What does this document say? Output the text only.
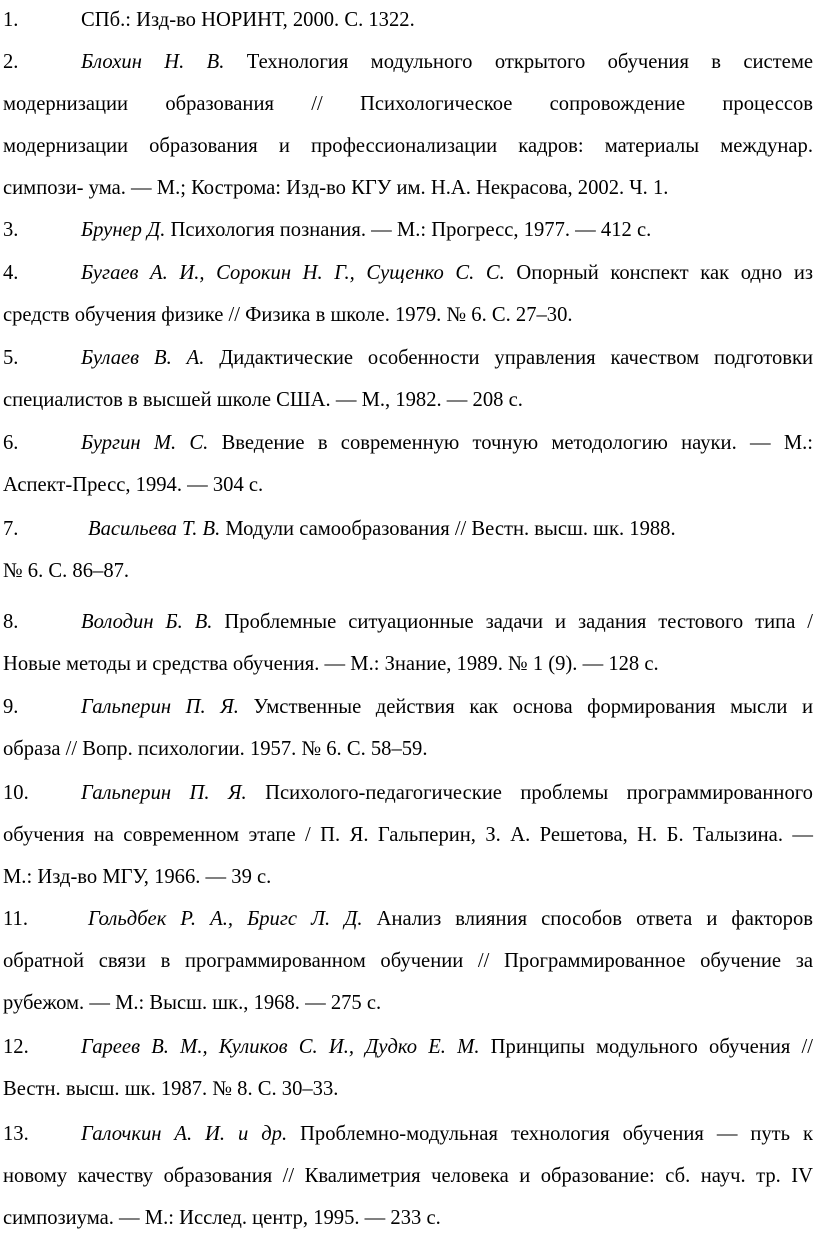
1.	СПб.: Изд-во НОРИНТ, 2000. С. 1322.
2.	Блохин Н. В. Технология модульного открытого обучения в системе
модернизации образования // Психологическое сопровождение процессов
модернизации образования и профессионализации кадров: материалы междунар.
симпози- ума. — М.; Кострома: Изд-во КГУ им. Н.А. Некрасова, 2002. Ч. 1.
3.	Брунер Д. Психология познания. — М.: Прогресс, 1977. — 412 с.
4.	Бугаев А. И., Сорокин Н. Г., Сущенко С. С. Опорный конспект как одно из
средств обучения физике // Физика в школе. 1979. № 6. С. 27–30.
5.	Булаев В. А. Дидактические особенности управления качеством подготовки
специалистов в высшей школе США. — М., 1982. — 208 с.
6.	Бургин М. С. Введение в современную точную методологию науки. — М.:
Аспект-Пресс, 1994. — 304 с.
7.	Васильева Т. В. Модули самообразования // Вестн. высш. шк. 1988.
№ 6. С. 86–87.
8.	Володин Б. В. Проблемные ситуационные задачи и задания тестового типа /
Новые методы и средства обучения. — М.: Знание, 1989. № 1 (9). — 128 с.
9.	Гальперин П. Я. Умственные действия как основа формирования мысли и
образа // Вопр. психологии. 1957. № 6. С. 58–59.
10.	Гальперин П. Я. Психолого-педагогические проблемы программированного
обучения на современном этапе / П. Я. Гальперин, З. А. Решетова, Н. Б. Талызина. —
М.: Изд-во МГУ, 1966. — 39 с.
11.	Гольдбек Р. А., Бригс Л. Д. Анализ влияния способов ответа и факторов
обратной связи в программированном обучении // Программированное обучение за
рубежом. — М.: Высш. шк., 1968. — 275 с.
12.	Гареев В. М., Куликов С. И., Дудко Е. М. Принципы модульного обучения //
Вестн. высш. шк. 1987. № 8. С. 30–33.
13.	Галочкин А. И. и др. Проблемно-модульная технология обучения — путь к
новому качеству образования // Квалиметрия человека и образование: сб. науч. тр. IV
симпозиума. — М.: Исслед. центр, 1995. — 233 с.
